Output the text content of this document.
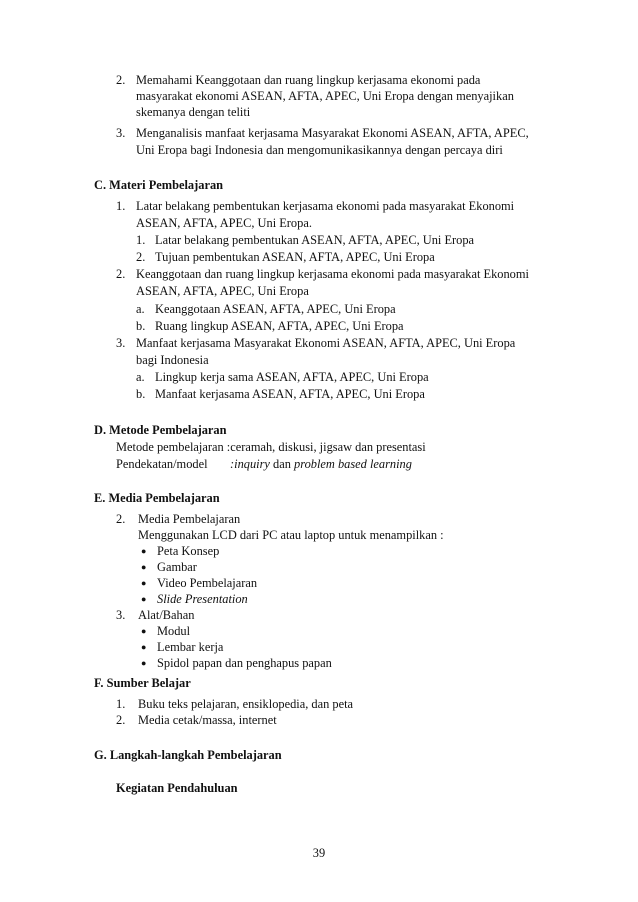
2. Memahami Keanggotaan dan ruang lingkup kerjasama ekonomi pada
masyarakat ekonomi ASEAN, AFTA, APEC, Uni Eropa dengan menyajikan
skemanya dengan teliti
3. Menganalisis manfaat kerjasama Masyarakat Ekonomi ASEAN, AFTA, APEC,
Uni Eropa bagi Indonesia dan mengomunikasikannya dengan percaya diri
C. Materi Pembelajaran
1. Latar belakang pembentukan kerjasama ekonomi pada masyarakat Ekonomi
ASEAN, AFTA, APEC, Uni Eropa.
1. Latar belakang pembentukan ASEAN, AFTA, APEC, Uni Eropa
2. Tujuan pembentukan ASEAN, AFTA, APEC, Uni Eropa
2. Keanggotaan dan ruang lingkup kerjasama ekonomi pada masyarakat Ekonomi
ASEAN, AFTA, APEC, Uni Eropa
a. Keanggotaan ASEAN, AFTA, APEC, Uni Eropa
b. Ruang lingkup ASEAN, AFTA, APEC, Uni Eropa
3. Manfaat kerjasama Masyarakat Ekonomi ASEAN, AFTA, APEC, Uni Eropa
bagi Indonesia
a. Lingkup kerja sama ASEAN, AFTA, APEC, Uni Eropa
b. Manfaat kerjasama ASEAN, AFTA, APEC, Uni Eropa
D. Metode Pembelajaran
Metode pembelajaran :ceramah, diskusi, jigsaw dan presentasi
Pendekatan/model :inquiry dan problem based learning
E. Media Pembelajaran
2. Media Pembelajaran
Menggunakan LCD dari PC atau laptop untuk menampilkan :
● Peta Konsep
● Gambar
● Video Pembelajaran
● Slide Presentation
3. Alat/Bahan
● Modul
● Lembar kerja
● Spidol papan dan penghapus papan
F. Sumber Belajar
1. Buku teks pelajaran, ensiklopedia, dan peta
2. Media cetak/massa, internet
G. Langkah-langkah Pembelajaran
Kegiatan Pendahuluan
39
